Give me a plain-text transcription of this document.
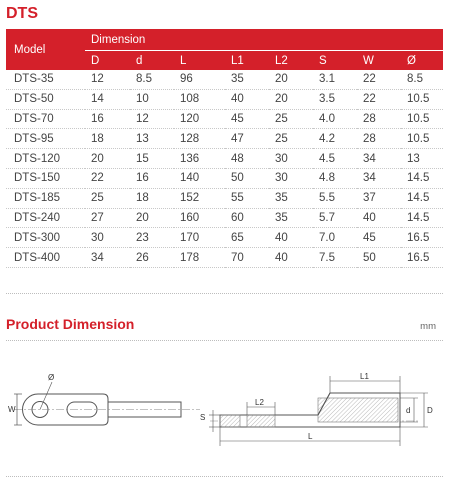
DTS
Model	Dimension							
	D	d	L	L1	L2	S	W	Ø
DTS-35	12	8.5	96	35	20	3.1	22	8.5
DTS-50	14	10	108	40	20	3.5	22	10.5
DTS-70	16	12	120	45	25	4.0	28	10.5
DTS-95	18	13	128	47	25	4.2	28	10.5
DTS-120	20	15	136	48	30	4.5	34	13
DTS-150	22	16	140	50	30	4.8	34	14.5
DTS-185	25	18	152	55	35	5.5	37	14.5
DTS-240	27	20	160	60	35	5.7	40	14.5
DTS-300	30	23	170	65	40	7.0	45	16.5
DTS-400	34	26	178	70	40	7.5	50	16.5
Product Dimension	mm
W
Ø
S
L2
L1
d D
L
